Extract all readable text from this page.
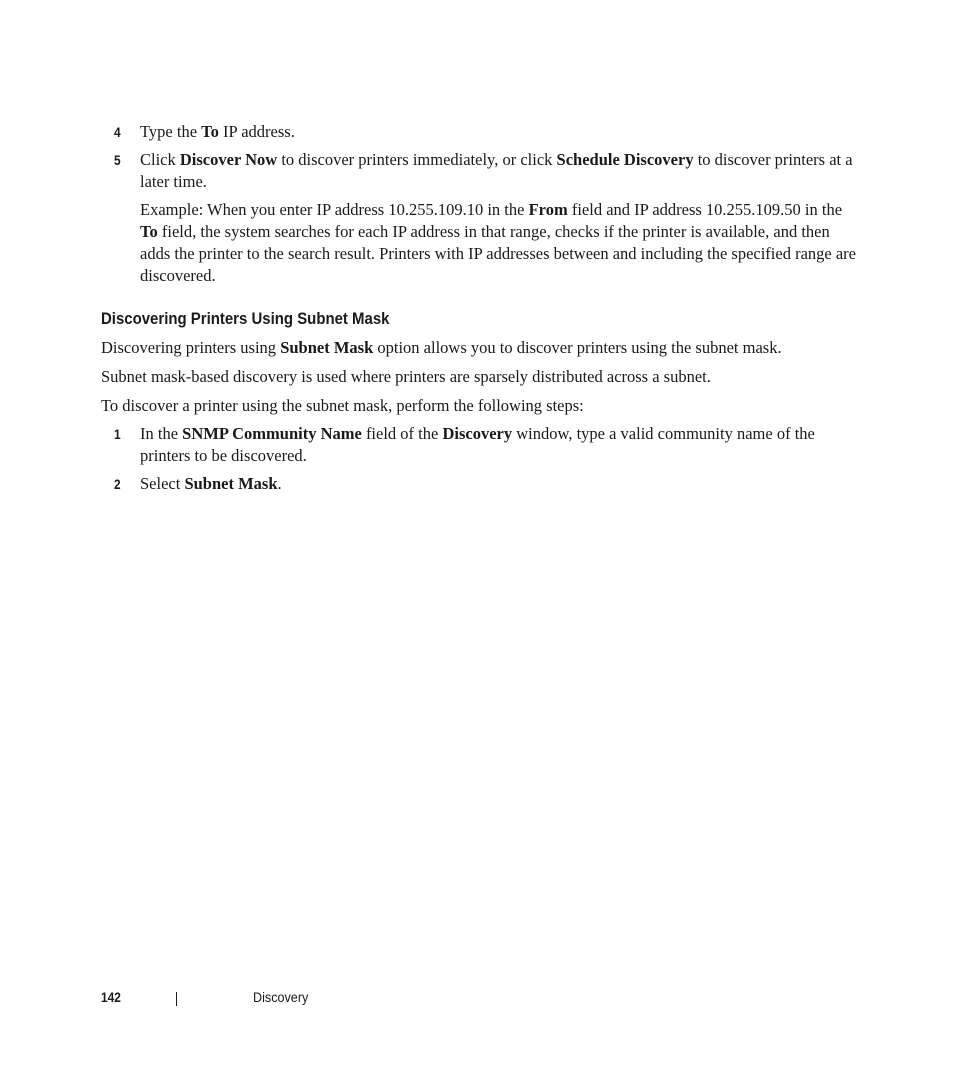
4 Type the To IP address.
5 Click Discover Now to discover printers immediately, or click Schedule Discovery to discover printers at a later time.
Example: When you enter IP address 10.255.109.10 in the From field and IP address 10.255.109.50 in the To field, the system searches for each IP address in that range, checks if the printer is available, and then adds the printer to the search result. Printers with IP addresses between and including the specified range are discovered.
Discovering Printers Using Subnet Mask
Discovering printers using Subnet Mask option allows you to discover printers using the subnet mask.
Subnet mask-based discovery is used where printers are sparsely distributed across a subnet.
To discover a printer using the subnet mask, perform the following steps:
1 In the SNMP Community Name field of the Discovery window, type a valid community name of the printers to be discovered.
2 Select Subnet Mask.
142	Discovery
